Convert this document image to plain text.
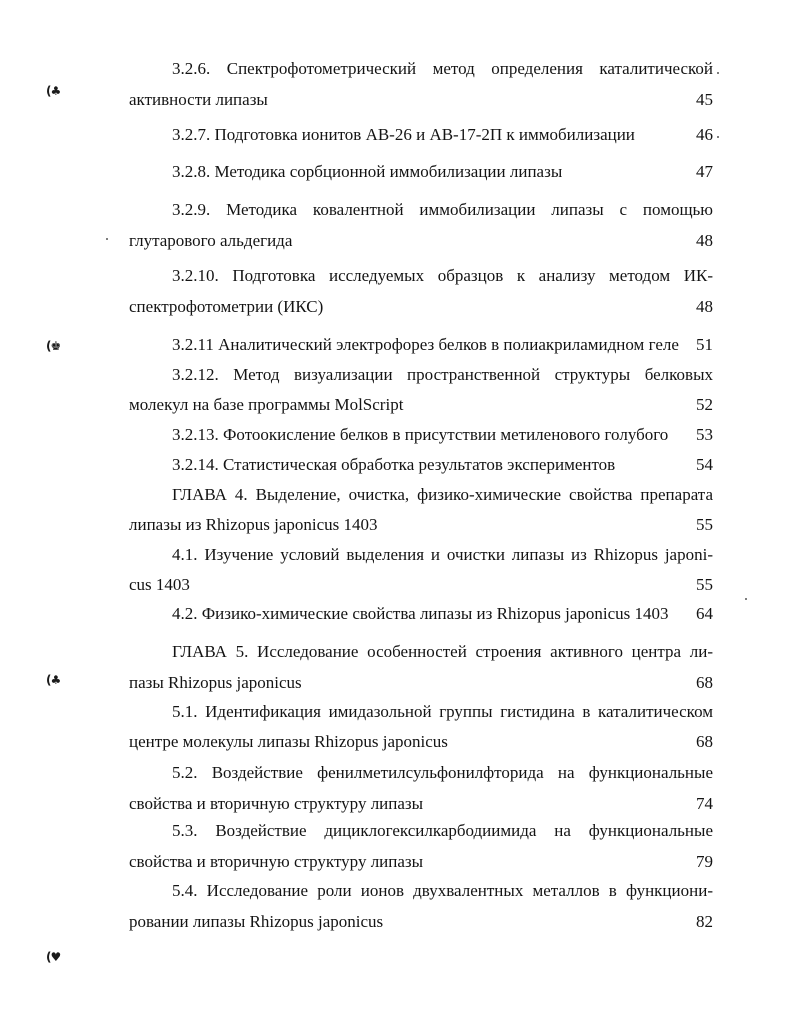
3.2.6. Спектрофотометрический метод определения каталитической
активности липазы	45
3.2.7. Подготовка ионитов АВ-26 и АВ-17-2П к иммобилизации	46
3.2.8. Методика сорбционной иммобилизации липазы	47
3.2.9. Методика ковалентной иммобилизации липазы с помощью
глутарового альдегида	48
3.2.10. Подготовка исследуемых образцов к анализу методом ИК-
спектрофотометрии (ИКС)	48
3.2.11 Аналитический электрофорез белков в полиакриламидном геле	51
3.2.12. Метод визуализации пространственной структуры белковых
молекул на базе программы MolScript	52
3.2.13. Фотоокисление белков в присутствии метиленового голубого	53
3.2.14. Статистическая обработка результатов экспериментов	54
ГЛАВА 4. Выделение, очистка, физико-химические свойства препарата
липазы из Rhizopus japonicus 1403	55
4.1. Изучение условий выделения и очистки липазы из Rhizopus japoni-
cus 1403	55
4.2. Физико-химические свойства липазы из Rhizopus japonicus 1403	64
ГЛАВА 5. Исследование особенностей строения активного центра ли-
пазы Rhizopus japonicus	68
5.1. Идентификация имидазольной группы гистидина в каталитическом
центре молекулы липазы Rhizopus japonicus	68
5.2. Воздействие фенилметилсульфонилфторида на функциональные
свойства и вторичную структуру липазы	74
5.3. Воздействие дициклогексилкарбодиимида на функциональные
свойства и вторичную структуру липазы	79
5.4. Исследование роли ионов двухвалентных металлов в функциони-
ровании липазы Rhizopus japonicus	82
(♣
(♚
(♣
(♥
